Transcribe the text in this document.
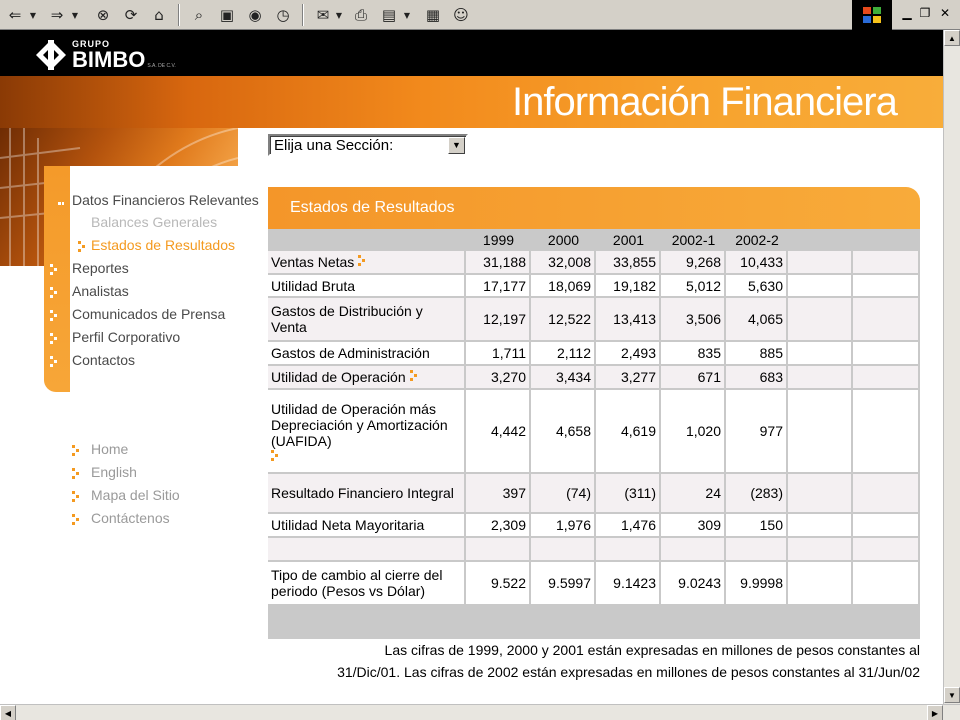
⇐	▼ ⇒	▼	⊗	⟳	⌂	⌕	▣ ◉ ◷	✉ ▼ ⎙ ▤ ▼ ▦ ☺	▁ ❐ ✕
GRUPO
BIMBO S.A. DE C.V.
Información Financiera
Elija una Sección:	▼
Datos Financieros Relevantes
Balances Generales
Estados de Resultados
Reportes
Analistas
Comunicados de Prensa
Perfil Corporativo
Contactos
Home
English
Mapa del Sitio
Contáctenos
Estados de Resultados
	1999	2000	2001	2002-1	2002-2		
Ventas Netas	31,188	32,008	33,855	9,268	10,433		
Utilidad Bruta	17,177	18,069	19,182	5,012	5,630		
Gastos de Distribución y Venta	12,197	12,522	13,413	3,506	4,065		
Gastos de Administración	1,711	2,112	2,493	835	885		
Utilidad de Operación	3,270	3,434	3,277	671	683		
Utilidad de Operación más Depreciación y Amortización (UAFIDA)	4,442	4,658	4,619	1,020	977		
Resultado Financiero Integral	397	(74)	(311)	24	(283)		
Utilidad Neta Mayoritaria	2,309	1,976	1,476	309	150		

Tipo de cambio al cierre del periodo (Pesos vs Dólar)	9.522	9.5997	9.1423	9.0243	9.9998		
Las cifras de 1999, 2000 y 2001 están expresadas en millones de pesos constantes al 31/Dic/01. Las cifras de 2002 están expresadas en millones de pesos constantes al 31/Jun/02
▲
▼
◀	▶
